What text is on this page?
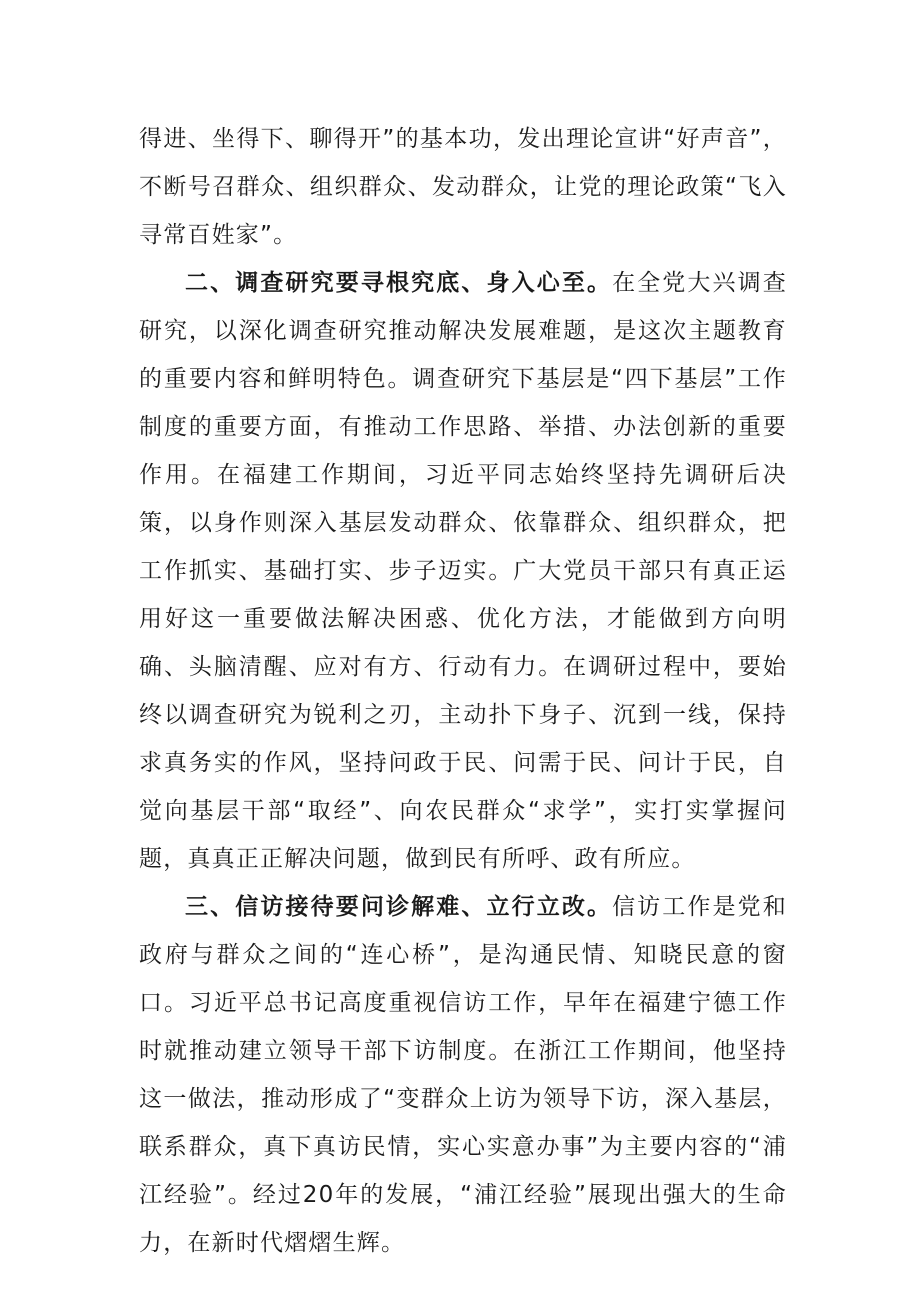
得进、坐得下、聊得开”的基本功，发出理论宣讲“好声音”，不断号召群众、组织群众、发动群众，让党的理论政策“飞入寻常百姓家”。

二、调查研究要寻根究底、身入心至。在全党大兴调查研究，以深化调查研究推动解决发展难题，是这次主题教育的重要内容和鲜明特色。调查研究下基层是“四下基层”工作制度的重要方面，有推动工作思路、举措、办法创新的重要作用。在福建工作期间，习近平同志始终坚持先调研后决策，以身作则深入基层发动群众、依靠群众、组织群众，把工作抓实、基础打实、步子迈实。广大党员干部只有真正运用好这一重要做法解决困惑、优化方法，才能做到方向明确、头脑清醒、应对有方、行动有力。在调研过程中，要始终以调查研究为锐利之刃，主动扑下身子、沉到一线，保持求真务实的作风，坚持问政于民、问需于民、问计于民，自觉向基层干部“取经”、向农民群众“求学”，实打实掌握问题，真真正正解决问题，做到民有所呼、政有所应。

三、信访接待要问诊解难、立行立改。信访工作是党和政府与群众之间的“连心桥”，是沟通民情、知晓民意的窗口。习近平总书记高度重视信访工作，早年在福建宁德工作时就推动建立领导干部下访制度。在浙江工作期间，他坚持这一做法，推动形成了“变群众上访为领导下访，深入基层，联系群众，真下真访民情，实心实意办事”为主要内容的“浦江经验”。经过20年的发展，“浦江经验”展现出强大的生命力，在新时代熠熠生辉。
